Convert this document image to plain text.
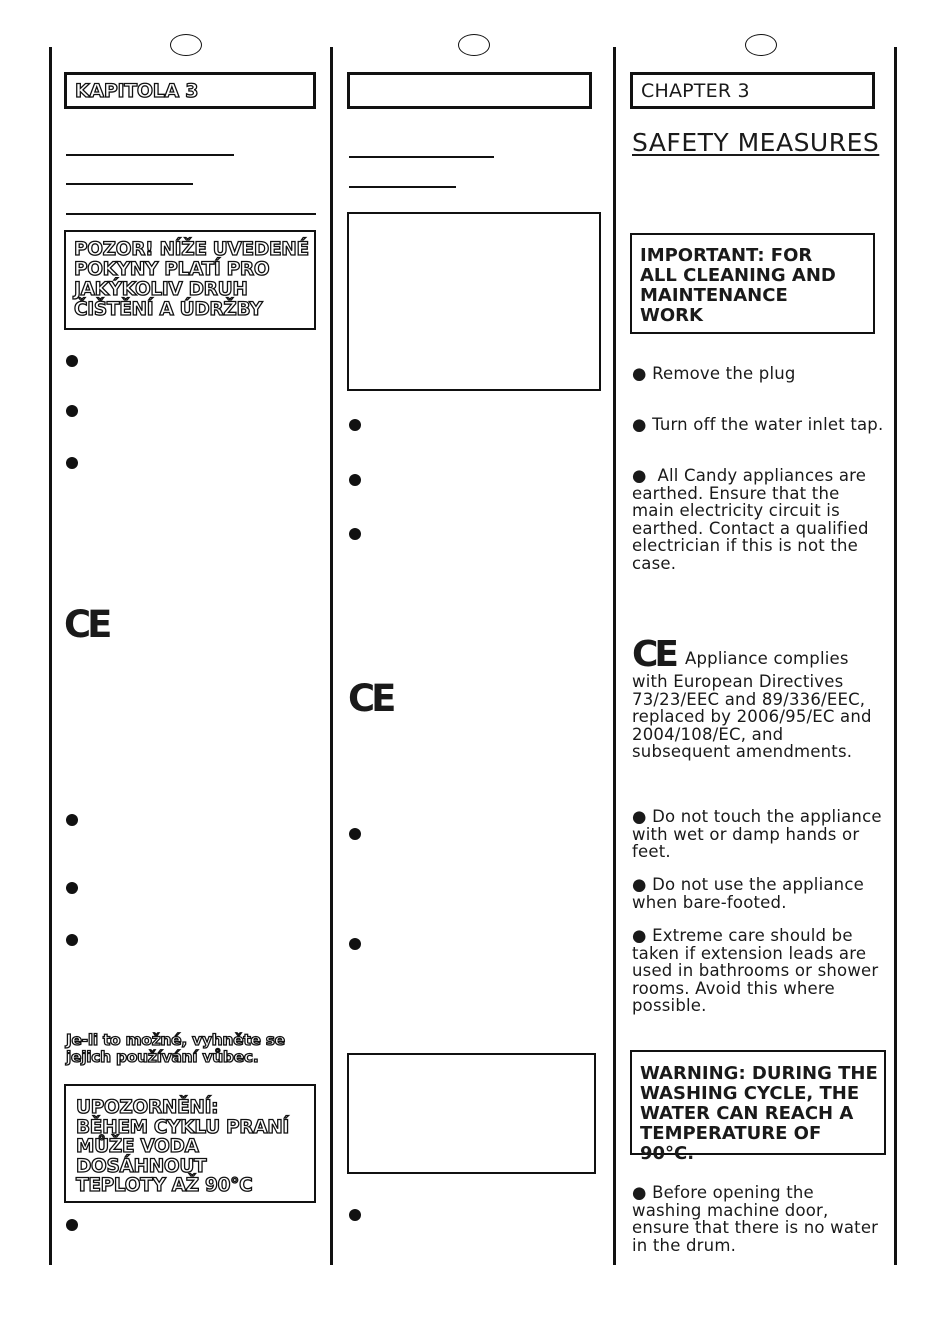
KAPITOLA 3
POZOR! NÍŽE UVEDENÉ POKYNY PLATÍ PRO JAKÝKOLIV DRUH ČIŠTĚNÍ A ÚDRŽBY
CE
Je-li to možné, vyhněte se jejich používání vůbec.
UPOZORNĚNÍ: BĚHEM CYKLU PRANÍ MŮŽE VODA DOSÁHNOUT TEPLOTY AŽ 90°C
CE
CHAPTER 3
SAFETY MEASURES
IMPORTANT: FOR ALL CLEANING AND MAINTENANCE WORK
● Remove the plug
● Turn off the water inlet tap.
● All Candy appliances are earthed. Ensure that the main electricity circuit is earthed. Contact a qualified electrician if this is not the case.
CE Appliance complies with European Directives 73/23/EEC and 89/336/EEC, replaced by 2006/95/EC and 2004/108/EC, and subsequent amendments.
● Do not touch the appliance with wet or damp hands or feet.
● Do not use the appliance when bare-footed.
● Extreme care should be taken if extension leads are used in bathrooms or shower rooms. Avoid this where possible.
WARNING: DURING THE WASHING CYCLE, THE WATER CAN REACH A TEMPERATURE OF 90°C.
● Before opening the washing machine door, ensure that there is no water in the drum.
